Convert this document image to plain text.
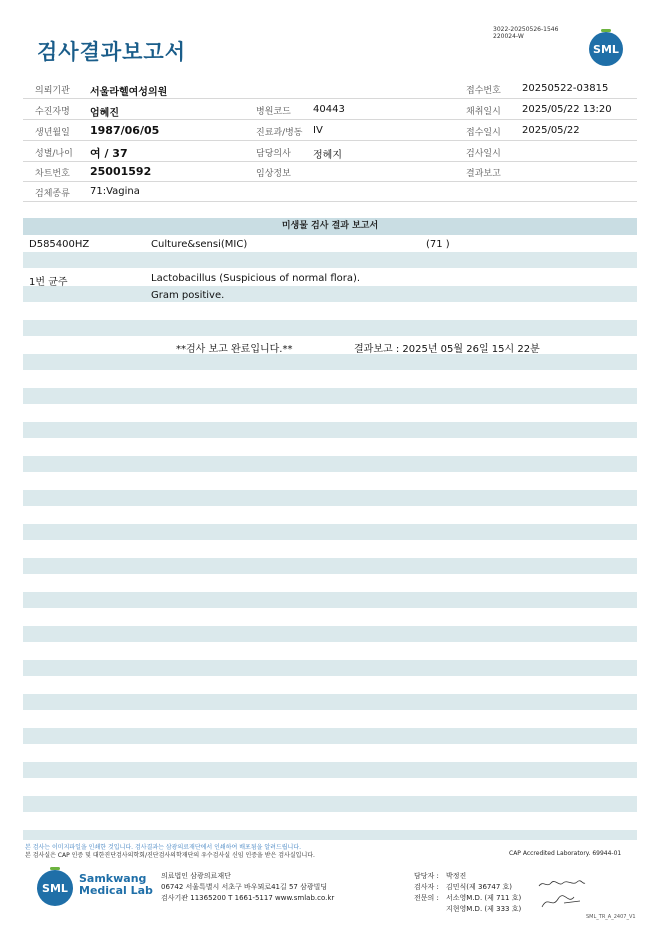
검사결과보고서
3022-20250526-1546
220024-W
SML
의뢰기관 서울라헬여성의원	접수번호 20250522-03815
수진자명 엄혜진	병원코드 40443	채취일시 2025/05/22 13:20
생년월일 1987/06/05	진료과/병동 IV	접수일시 2025/05/22
성별/나이 여 / 37	담당의사 정혜지	검사일시
차트번호 25001592	임상정보	결과보고
검체종류 71:Vagina
미생물 검사 결과 보고서
D585400HZ	Culture&sensi(MIC)	(71 )
1번 균주	Lactobacillus (Suspicious of normal flora).
Gram positive.
**검사 보고 완료입니다.**	결과보고 : 2025년 05월 26일 15시 22분
본 검사는 이미지파일을 인쇄한 것입니다. 검사결과는 삼광의료재단에서 인쇄하여 배포됨을 알려드립니다.
본 검사실은 CAP 인증 및 대한진단검사의학회/진단검사의학재단의 우수검사실 신임 인증을 받은 검사실입니다.	CAP Accredited Laboratory. 69944-01
SML
Samkwang
Medical Lab
의료법인 삼광의료재단
06742 서울특별시 서초구 바우뫼로41길 57 삼광빌딩
검사기관 11365200 T 1661-5117 www.smlab.co.kr
담당자 : 박정진
검사자 : 김민식(제 36747 호)
전문의 : 서소영M.D. (제 711 호)
지현영M.D. (제 333 호)
SML_TR_A_2407_V1
